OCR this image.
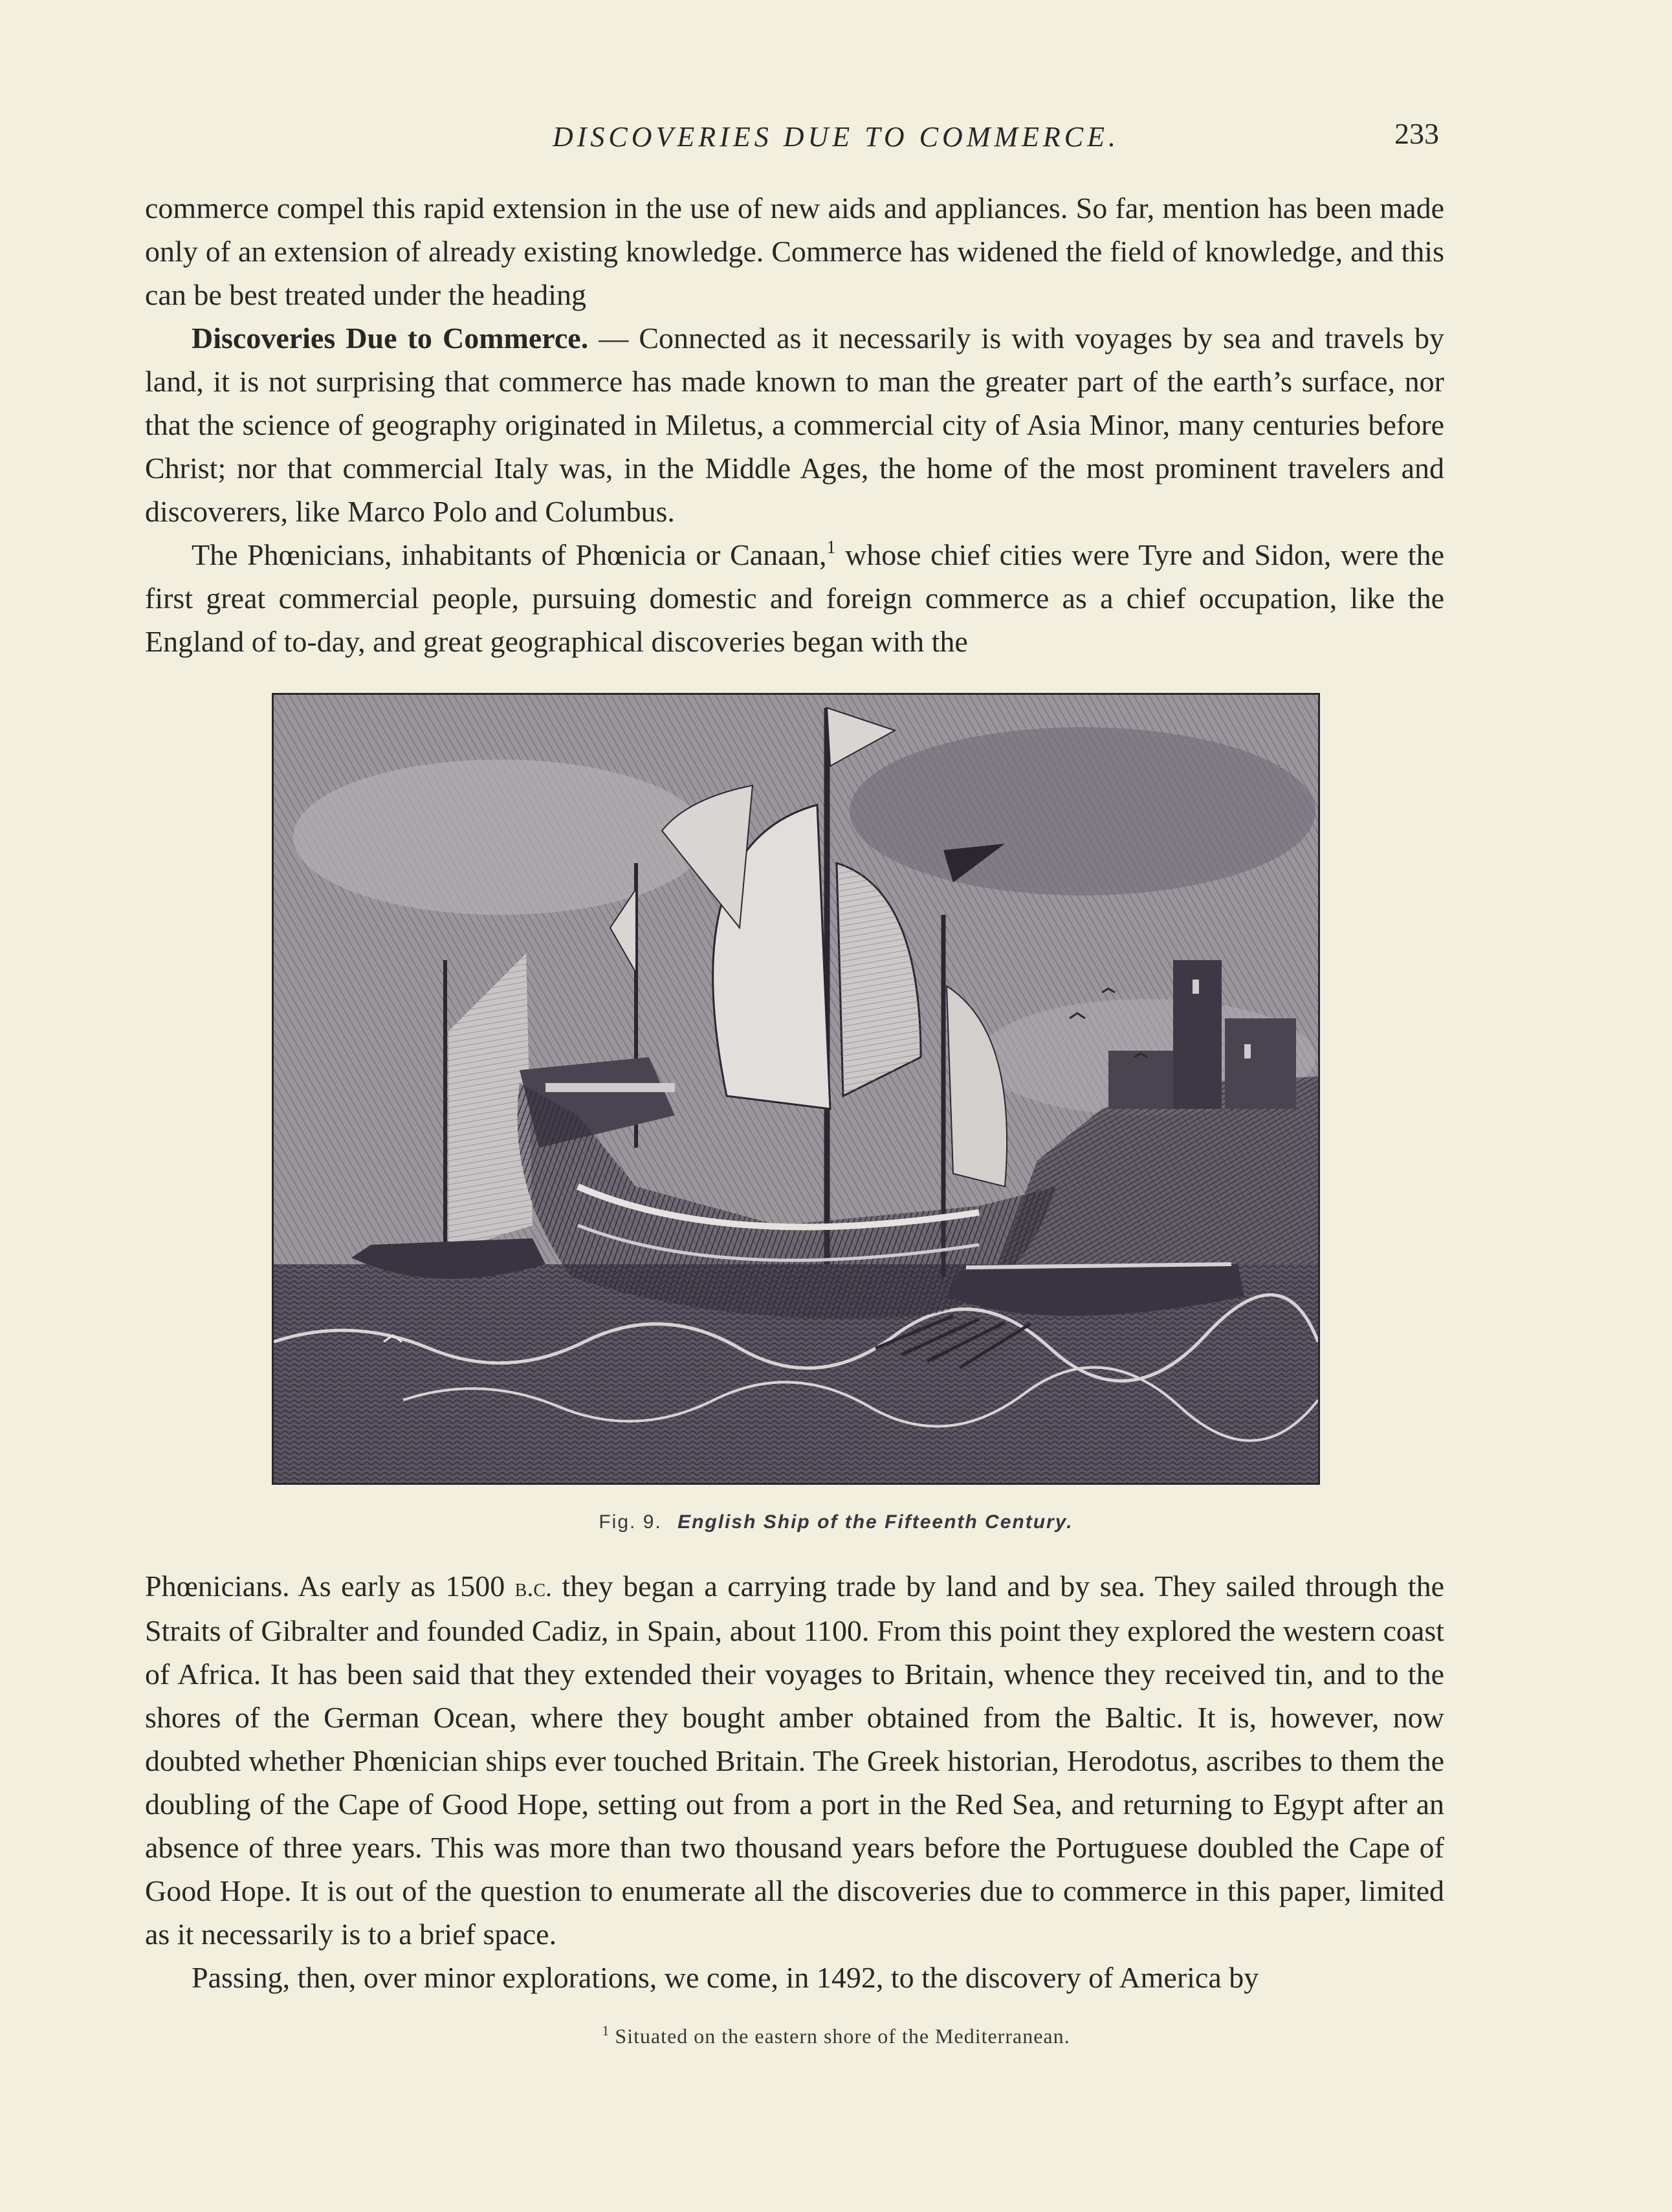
DISCOVERIES DUE TO COMMERCE.	233

commerce compel this rapid extension in the use of new aids and appliances. So far, mention has been made only of an extension of already existing knowledge. Commerce has widened the field of knowledge, and this can be best treated under the heading

Discoveries Due to Commerce. — Connected as it necessarily is with voyages by sea and travels by land, it is not surprising that commerce has made known to man the greater part of the earth’s surface, nor that the science of geography originated in Miletus, a commercial city of Asia Minor, many centuries before Christ; nor that commercial Italy was, in the Middle Ages, the home of the most prominent travelers and discoverers, like Marco Polo and Columbus.

The Phœnicians, inhabitants of Phœnicia or Canaan,$^1$ whose chief cities were Tyre and Sidon, were the first great commercial people, pursuing domestic and foreign commerce as a chief occupation, like the England of to-day, and great geographical discoveries began with the

Fig. 9. English Ship of the Fifteenth Century.

Phœnicians. As early as 1500 b.c. they began a carrying trade by land and by sea. They sailed through the Straits of Gibralter and founded Cadiz, in Spain, about 1100. From this point they explored the western coast of Africa. It has been said that they extended their voyages to Britain, whence they received tin, and to the shores of the German Ocean, where they bought amber obtained from the Baltic. It is, however, now doubted whether Phœnician ships ever touched Britain. The Greek historian, Herodotus, ascribes to them the doubling of the Cape of Good Hope, setting out from a port in the Red Sea, and returning to Egypt after an absence of three years. This was more than two thousand years before the Portuguese doubled the Cape of Good Hope. It is out of the question to enumerate all the discoveries due to commerce in this paper, limited as it necessarily is to a brief space.

Passing, then, over minor explorations, we come, in 1492, to the discovery of America by

$^1$ Situated on the eastern shore of the Mediterranean.
